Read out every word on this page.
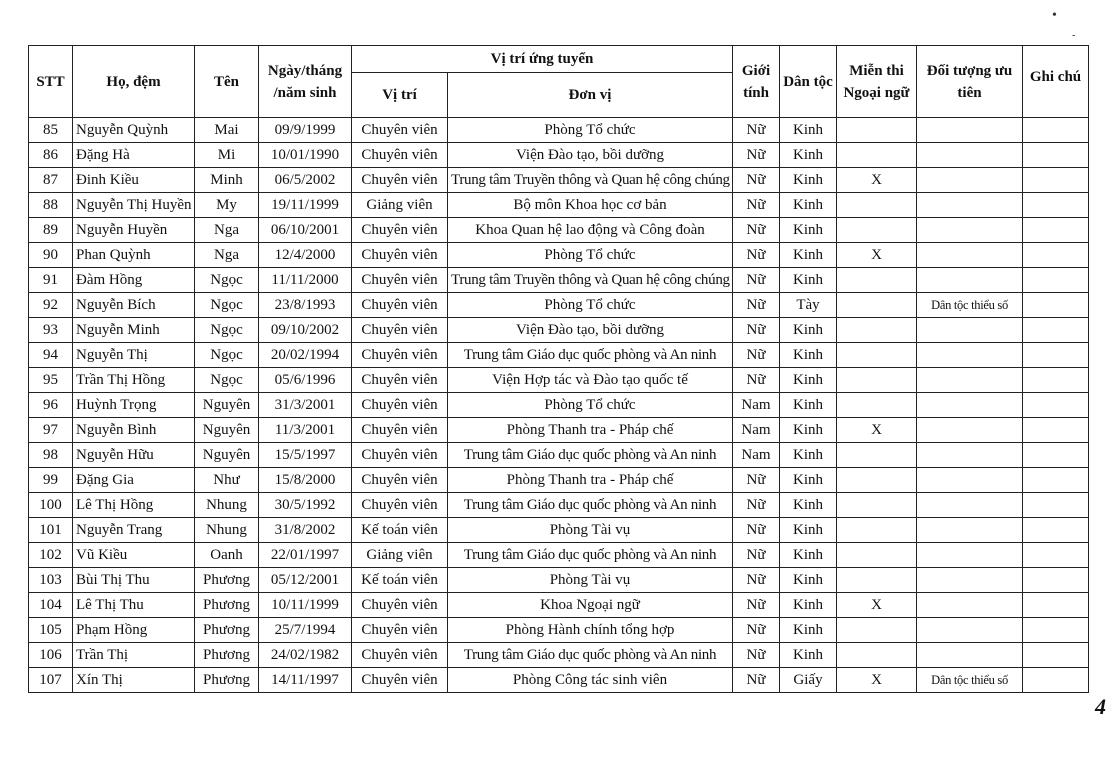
STT	Họ, đệm	Tên	Ngày/tháng /năm sinh	Vị trí ứng tuyển		Giới tính	Dân tộc	Miễn thi Ngoại ngữ	Đối tượng ưu tiên	Ghi chú
				Vị trí	Đơn vị					
85	Nguyễn Quỳnh	Mai	09/9/1999	Chuyên viên	Phòng Tổ chức	Nữ	Kinh			
86	Đặng Hà	Mi	10/01/1990	Chuyên viên	Viện Đào tạo, bồi dưỡng	Nữ	Kinh			
87	Đinh Kiều	Minh	06/5/2002	Chuyên viên	Trung tâm Truyền thông và Quan hệ công chúng	Nữ	Kinh	X		
88	Nguyễn Thị Huyền	My	19/11/1999	Giảng viên	Bộ môn Khoa học cơ bản	Nữ	Kinh			
89	Nguyễn Huyền	Nga	06/10/2001	Chuyên viên	Khoa Quan hệ lao động và Công đoàn	Nữ	Kinh			
90	Phan Quỳnh	Nga	12/4/2000	Chuyên viên	Phòng Tổ chức	Nữ	Kinh	X		
91	Đàm Hồng	Ngọc	11/11/2000	Chuyên viên	Trung tâm Truyền thông và Quan hệ công chúng	Nữ	Kinh			
92	Nguyễn Bích	Ngọc	23/8/1993	Chuyên viên	Phòng Tổ chức	Nữ	Tày		Dân tộc thiểu số	
93	Nguyễn Minh	Ngọc	09/10/2002	Chuyên viên	Viện Đào tạo, bồi dưỡng	Nữ	Kinh			
94	Nguyễn Thị	Ngọc	20/02/1994	Chuyên viên	Trung tâm Giáo dục quốc phòng và An ninh	Nữ	Kinh			
95	Trần Thị Hồng	Ngọc	05/6/1996	Chuyên viên	Viện Hợp tác và Đào tạo quốc tế	Nữ	Kinh			
96	Huỳnh Trọng	Nguyên	31/3/2001	Chuyên viên	Phòng Tổ chức	Nam	Kinh			
97	Nguyễn Bình	Nguyên	11/3/2001	Chuyên viên	Phòng Thanh tra - Pháp chế	Nam	Kinh	X		
98	Nguyễn Hữu	Nguyên	15/5/1997	Chuyên viên	Trung tâm Giáo dục quốc phòng và An ninh	Nam	Kinh			
99	Đặng Gia	Như	15/8/2000	Chuyên viên	Phòng Thanh tra - Pháp chế	Nữ	Kinh			
100	Lê Thị Hồng	Nhung	30/5/1992	Chuyên viên	Trung tâm Giáo dục quốc phòng và An ninh	Nữ	Kinh			
101	Nguyễn Trang	Nhung	31/8/2002	Kế toán viên	Phòng Tài vụ	Nữ	Kinh			
102	Vũ Kiều	Oanh	22/01/1997	Giảng viên	Trung tâm Giáo dục quốc phòng và An ninh	Nữ	Kinh			
103	Bùi Thị Thu	Phương	05/12/2001	Kế toán viên	Phòng Tài vụ	Nữ	Kinh			
104	Lê Thị Thu	Phương	10/11/1999	Chuyên viên	Khoa Ngoại ngữ	Nữ	Kinh	X		
105	Phạm Hồng	Phương	25/7/1994	Chuyên viên	Phòng Hành chính tổng hợp	Nữ	Kinh			
106	Trần Thị	Phương	24/02/1982	Chuyên viên	Trung tâm Giáo dục quốc phòng và An ninh	Nữ	Kinh			
107	Xín Thị	Phương	14/11/1997	Chuyên viên	Phòng Công tác sinh viên	Nữ	Giấy	X	Dân tộc thiểu số	
•
-
4
